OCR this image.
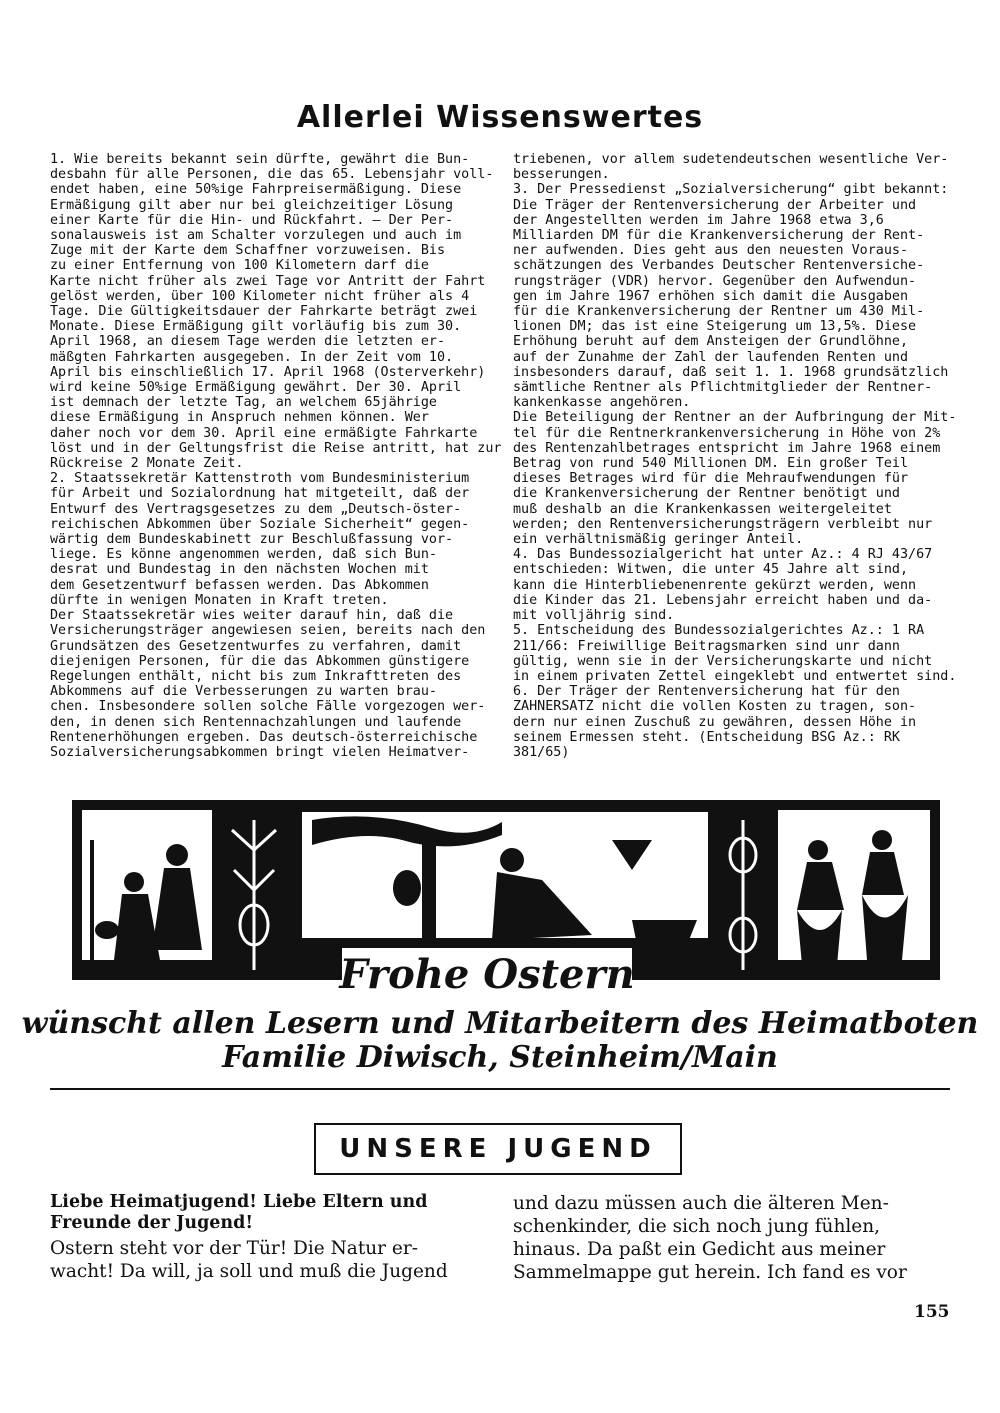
Allerlei Wissenswertes

1. Wie bereits bekannt sein dürfte, gewährt die Bun-

desbahn für alle Personen, die das 65. Lebensjahr voll-

endet haben, eine 50%ige Fahrpreisermäßigung. Diese

Ermäßigung gilt aber nur bei gleichzeitiger Lösung

einer Karte für die Hin- und Rückfahrt. — Der Per-

sonalausweis ist am Schalter vorzulegen und auch im

Zuge mit der Karte dem Schaffner vorzuweisen. Bis

zu einer Entfernung von 100 Kilometern darf die

Karte nicht früher als zwei Tage vor Antritt der Fahrt

gelöst werden, über 100 Kilometer nicht früher als 4

Tage. Die Gültigkeitsdauer der Fahrkarte beträgt zwei

Monate. Diese Ermäßigung gilt vorläufig bis zum 30.

April 1968, an diesem Tage werden die letzten er-

mäßgten Fahrkarten ausgegeben. In der Zeit vom 10.

April bis einschließlich 17. April 1968 (Osterverkehr)

wird keine 50%ige Ermäßigung gewährt. Der 30. April

ist demnach der letzte Tag, an welchem 65jährige

diese Ermäßigung in Anspruch nehmen können. Wer

daher noch vor dem 30. April eine ermäßigte Fahrkarte

löst und in der Geltungsfrist die Reise antritt, hat zur

Rückreise 2 Monate Zeit.

2. Staatssekretär Kattenstroth vom Bundesministerium

für Arbeit und Sozialordnung hat mitgeteilt, daß der

Entwurf des Vertragsgesetzes zu dem „Deutsch-öster-

reichischen Abkommen über Soziale Sicherheit“ gegen-

wärtig dem Bundeskabinett zur Beschlußfassung vor-

liege. Es könne angenommen werden, daß sich Bun-

desrat und Bundestag in den nächsten Wochen mit

dem Gesetzentwurf befassen werden. Das Abkommen

dürfte in wenigen Monaten in Kraft treten.

Der Staatssekretär wies weiter darauf hin, daß die

Versicherungsträger angewiesen seien, bereits nach den

Grundsätzen des Gesetzentwurfes zu verfahren, damit

diejenigen Personen, für die das Abkommen günstigere

Regelungen enthält, nicht bis zum Inkrafttreten des

Abkommens auf die Verbesserungen zu warten brau-

chen. Insbesondere sollen solche Fälle vorgezogen wer-

den, in denen sich Rentennachzahlungen und laufende

Rentenerhöhungen ergeben. Das deutsch-österreichische

Sozialversicherungsabkommen bringt vielen Heimatver-

triebenen, vor allem sudetendeutschen wesentliche Ver-

besserungen.

3. Der Pressedienst „Sozialversicherung“ gibt bekannt:

Die Träger der Rentenversicherung der Arbeiter und

der Angestellten werden im Jahre 1968 etwa 3,6

Milliarden DM für die Krankenversicherung der Rent-

ner aufwenden. Dies geht aus den neuesten Voraus-

schätzungen des Verbandes Deutscher Rentenversiche-

rungsträger (VDR) hervor. Gegenüber den Aufwendun-

gen im Jahre 1967 erhöhen sich damit die Ausgaben

für die Krankenversicherung der Rentner um 430 Mil-

lionen DM; das ist eine Steigerung um 13,5%. Diese

Erhöhung beruht auf dem Ansteigen der Grundlöhne,

auf der Zunahme der Zahl der laufenden Renten und

insbesonders darauf, daß seit 1. 1. 1968 grundsätzlich

sämtliche Rentner als Pflichtmitglieder der Rentner-

kankenkasse angehören.

Die Beteiligung der Rentner an der Aufbringung der Mit-

tel für die Rentnerkrankenversicherung in Höhe von 2%

des Rentenzahlbetrages entspricht im Jahre 1968 einem

Betrag von rund 540 Millionen DM. Ein großer Teil

dieses Betrages wird für die Mehraufwendungen für

die Krankenversicherung der Rentner benötigt und

muß deshalb an die Krankenkassen weitergeleitet

werden; den Rentenversicherungsträgern verbleibt nur

ein verhältnismäßig geringer Anteil.

4. Das Bundessozialgericht hat unter Az.: 4 RJ 43/67

entschieden: Witwen, die unter 45 Jahre alt sind,

kann die Hinterbliebenenrente gekürzt werden, wenn

die Kinder das 21. Lebensjahr erreicht haben und da-

mit volljährig sind.

5. Entscheidung des Bundessozialgerichtes Az.: 1 RA

211/66: Freiwillige Beitragsmarken sind unr dann

gültig, wenn sie in der Versicherungskarte und nicht

in einem privaten Zettel eingeklebt und entwertet sind.

6. Der Träger der Rentenversicherung hat für den

ZAHNERSATZ nicht die vollen Kosten zu tragen, son-

dern nur einen Zuschuß zu gewähren, dessen Höhe in

seinem Ermessen steht. (Entscheidung BSG Az.: RK

381/65)

Frohe Ostern
wünscht allen Lesern und Mitarbeitern des Heimatboten
Familie Diwisch, Steinheim/Main
UNSERE JUGEND
Liebe Heimatjugend! Liebe Eltern und
Freunde der Jugend!
Ostern steht vor der Tür! Die Natur er-
wacht! Da will, ja soll und muß die Jugend
und dazu müssen auch die älteren Men-
schenkinder, die sich noch jung fühlen,
hinaus. Da paßt ein Gedicht aus meiner
Sammelmappe gut herein. Ich fand es vor
155
